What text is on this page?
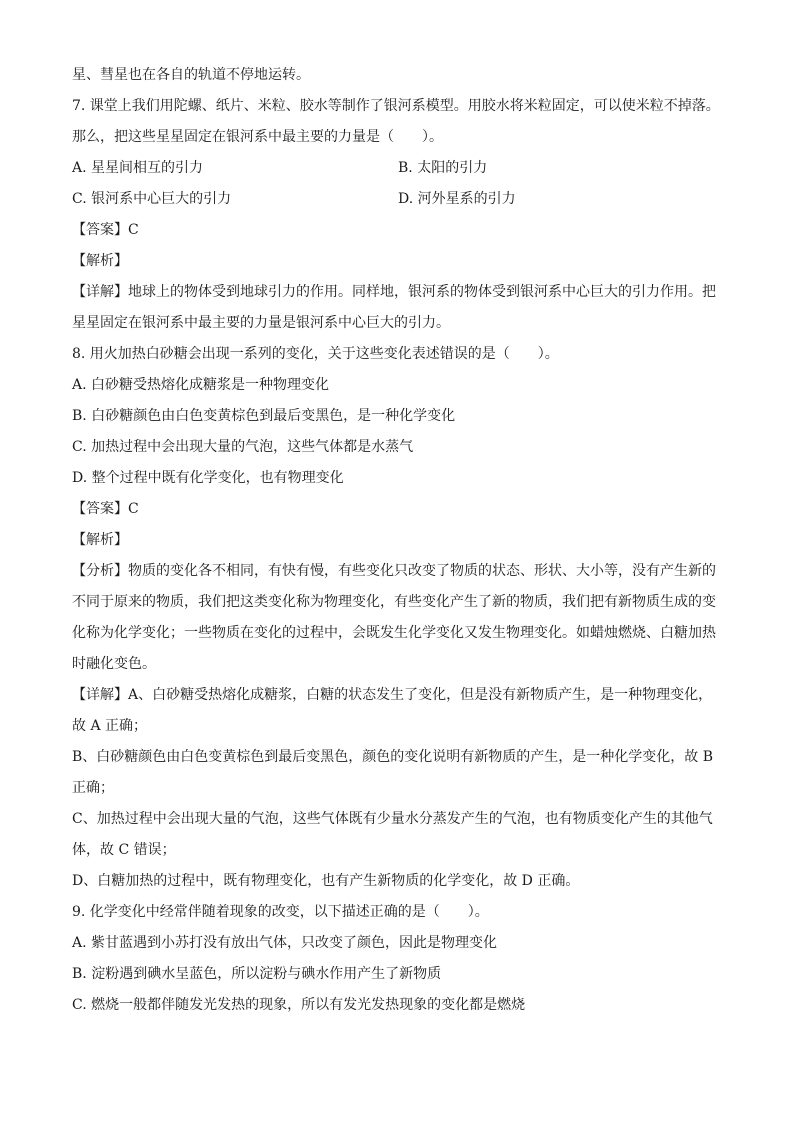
星、彗星也在各自的轨道不停地运转。
7. 课堂上我们用陀螺、纸片、米粒、胶水等制作了银河系模型。用胶水将米粒固定，可以使米粒不掉落。
那么，把这些星星固定在银河系中最主要的力量是（　　）。
A. 星星间相互的引力	B. 太阳的引力
C. 银河系中心巨大的引力	D. 河外星系的引力
【答案】C
【解析】
【详解】地球上的物体受到地球引力的作用。同样地，银河系的物体受到银河系中心巨大的引力作用。把
星星固定在银河系中最主要的力量是银河系中心巨大的引力。
8. 用火加热白砂糖会出现一系列的变化，关于这些变化表述错误的是（　　）。
A. 白砂糖受热熔化成糖浆是一种物理变化
B. 白砂糖颜色由白色变黄棕色到最后变黑色，是一种化学变化
C. 加热过程中会出现大量的气泡，这些气体都是水蒸气
D. 整个过程中既有化学变化，也有物理变化
【答案】C
【解析】
【分析】物质的变化各不相同，有快有慢，有些变化只改变了物质的状态、形状、大小等，没有产生新的
不同于原来的物质，我们把这类变化称为物理变化，有些变化产生了新的物质，我们把有新物质生成的变
化称为化学变化；一些物质在变化的过程中，会既发生化学变化又发生物理变化。如蜡烛燃烧、白糖加热
时融化变色。
【详解】A、白砂糖受热熔化成糖浆，白糖的状态发生了变化，但是没有新物质产生，是一种物理变化，
故 A 正确；
B、白砂糖颜色由白色变黄棕色到最后变黑色，颜色的变化说明有新物质的产生，是一种化学变化，故 B
正确；
C、加热过程中会出现大量的气泡，这些气体既有少量水分蒸发产生的气泡，也有物质变化产生的其他气
体，故 C 错误；
D、白糖加热的过程中，既有物理变化，也有产生新物质的化学变化，故 D 正确。
9. 化学变化中经常伴随着现象的改变，以下描述正确的是（　　）。
A. 紫甘蓝遇到小苏打没有放出气体，只改变了颜色，因此是物理变化
B. 淀粉遇到碘水呈蓝色，所以淀粉与碘水作用产生了新物质
C. 燃烧一般都伴随发光发热的现象，所以有发光发热现象的变化都是燃烧
